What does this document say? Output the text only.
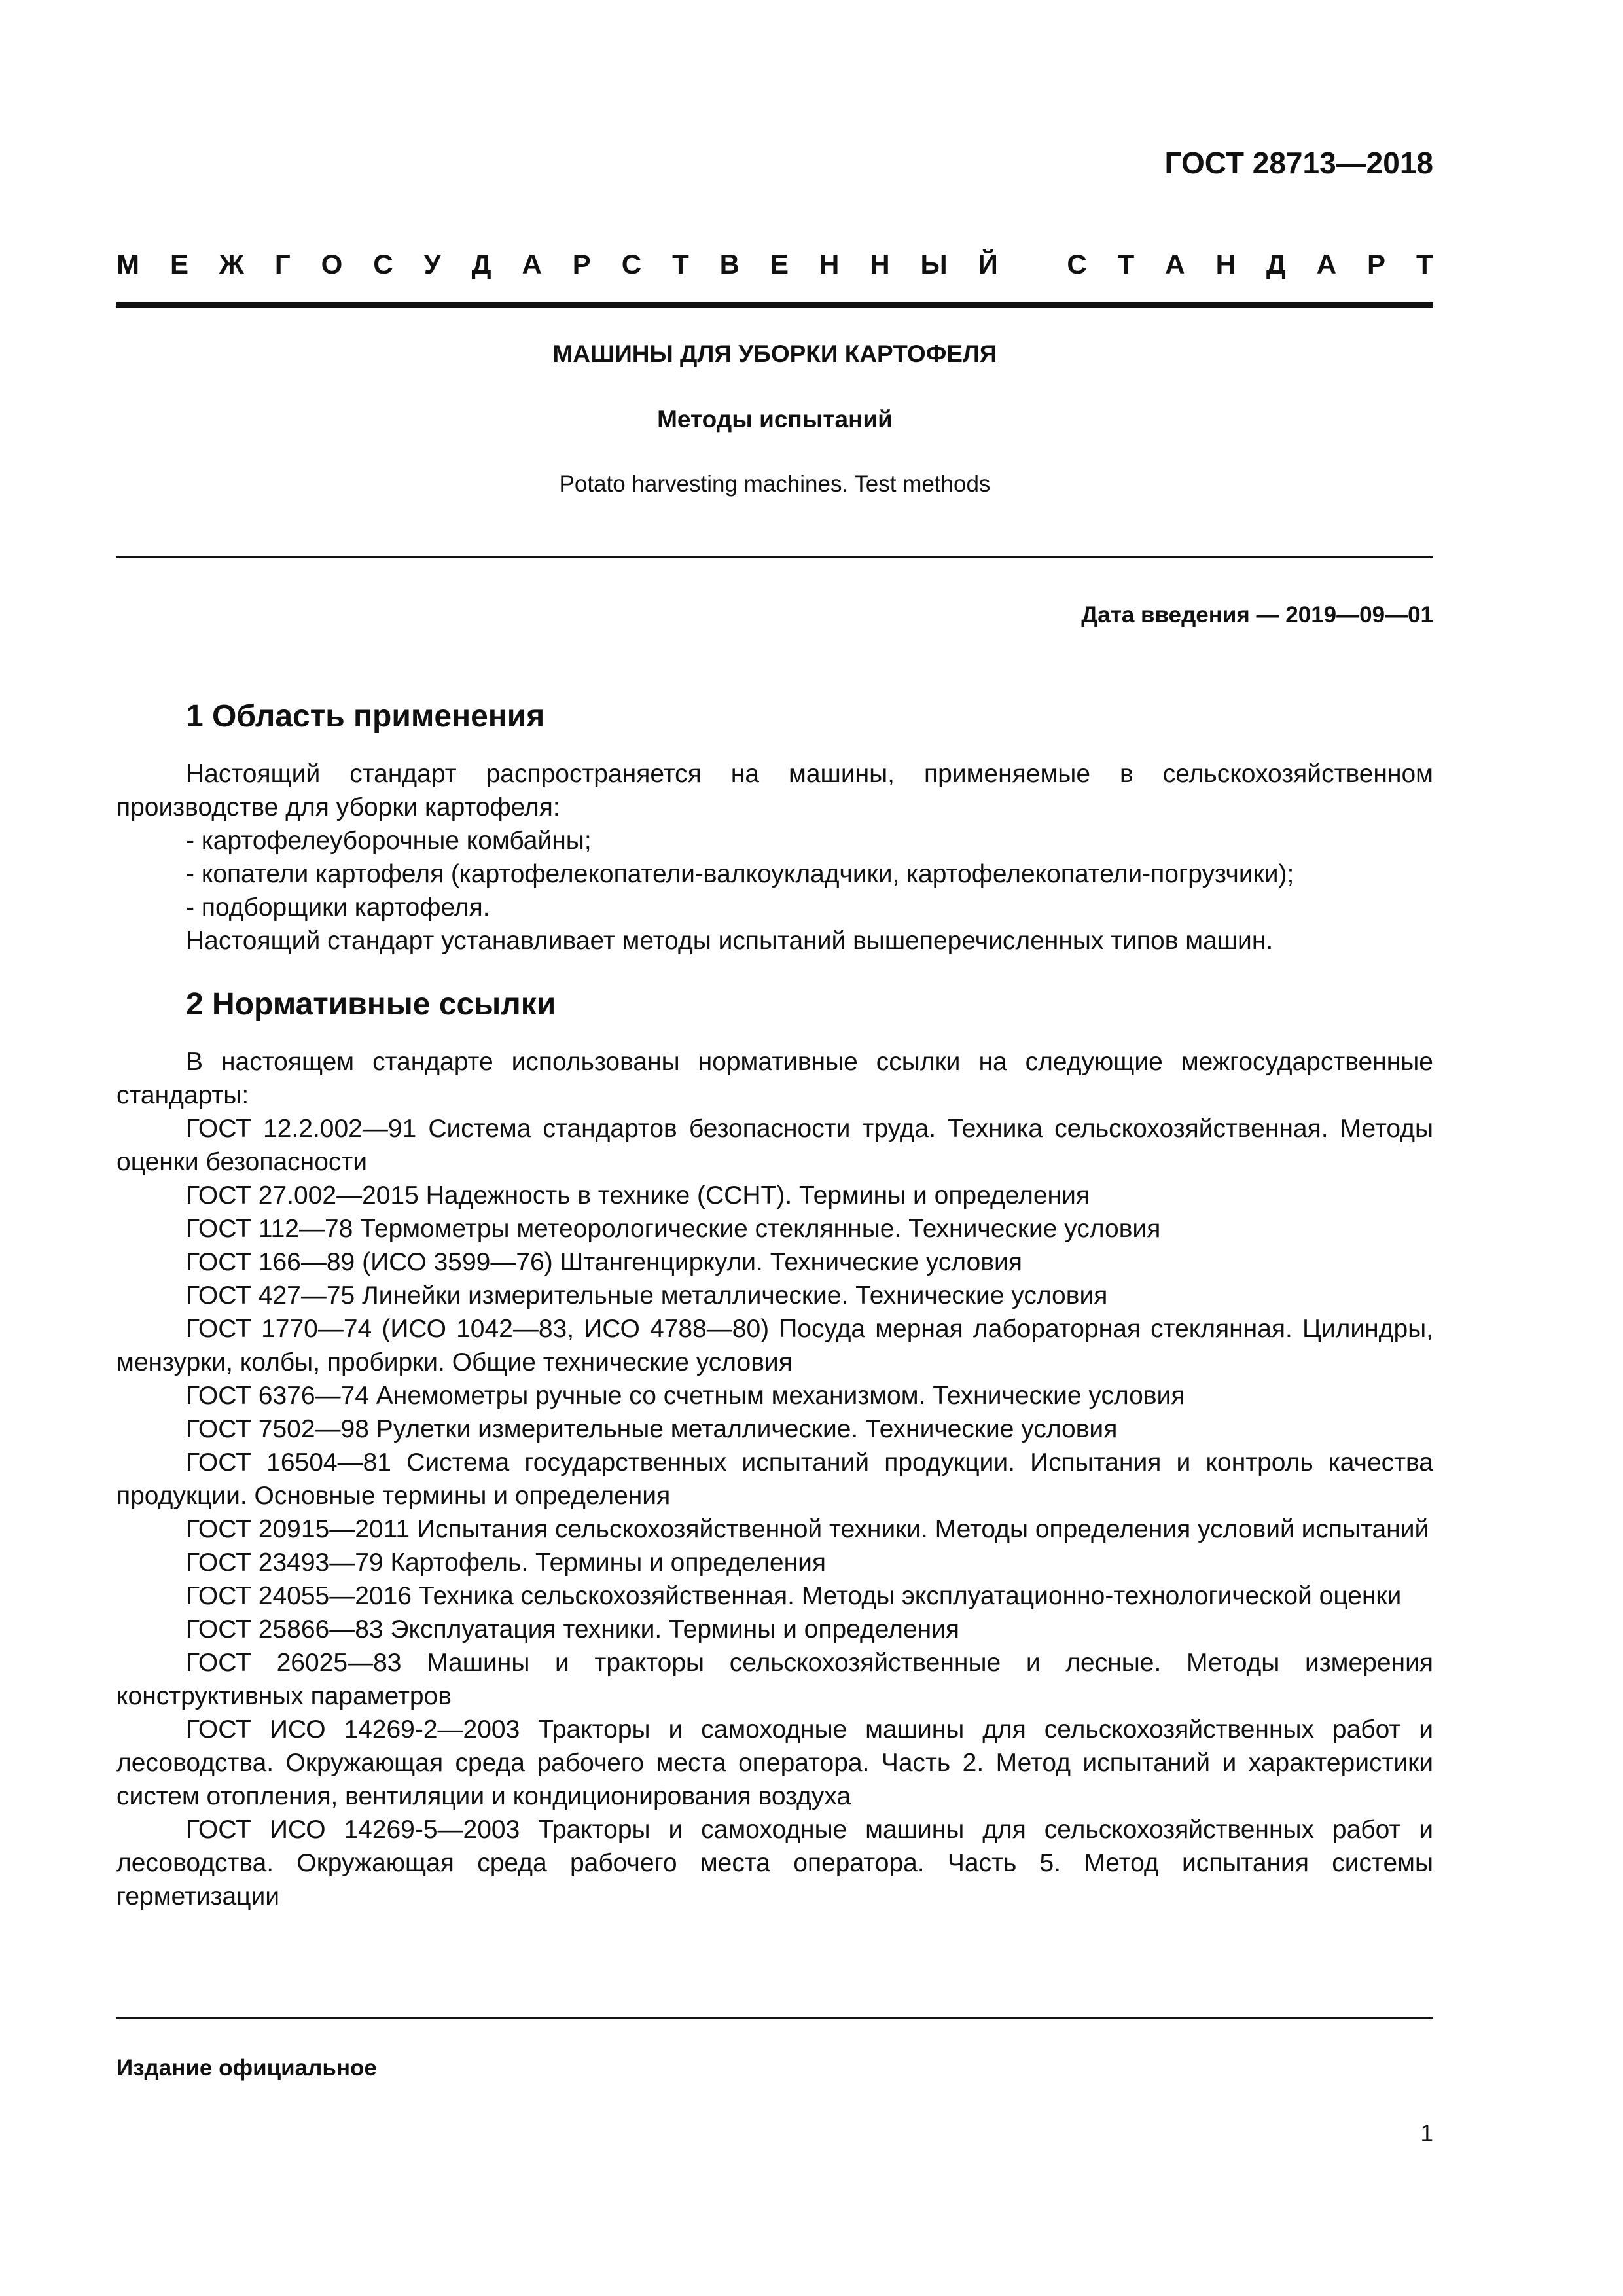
ГОСТ 28713—2018
М Е Ж Г О С У Д А Р С Т В Е Н Н Ы Й
	С Т А Н Д А Р Т
МАШИНЫ ДЛЯ УБОРКИ КАРТОФЕЛЯ
Методы испытаний
Potato harvesting machines. Test methods
Дата введения — 2019—09—01
1 Область применения

Настоящий стандарт распространяется на машины, применяемые в сельскохозяйственном производстве для уборки картофеля:

- картофелеуборочные комбайны;
- копатели картофеля (картофелекопатели-валкоукладчики, картофелекопатели-погрузчики);
- подборщики картофеля.

Настоящий стандарт устанавливает методы испытаний вышеперечисленных типов машин.

2 Нормативные ссылки

В настоящем стандарте использованы нормативные ссылки на следующие межгосударственные стандарты:

ГОСТ 12.2.002—91 Система стандартов безопасности труда. Техника сельскохозяйственная. Методы оценки безопасности

ГОСТ 27.002—2015 Надежность в технике (ССНТ). Термины и определения

ГОСТ 112—78 Термометры метеорологические стеклянные. Технические условия

ГОСТ 166—89 (ИСО 3599—76) Штангенциркули. Технические условия

ГОСТ 427—75 Линейки измерительные металлические. Технические условия

ГОСТ 1770—74 (ИСО 1042—83, ИСО 4788—80) Посуда мерная лабораторная стеклянная. Цилиндры, мензурки, колбы, пробирки. Общие технические условия

ГОСТ 6376—74 Анемометры ручные со счетным механизмом. Технические условия

ГОСТ 7502—98 Рулетки измерительные металлические. Технические условия

ГОСТ 16504—81 Система государственных испытаний продукции. Испытания и контроль качества продукции. Основные термины и определения

ГОСТ 20915—2011 Испытания сельскохозяйственной техники. Методы определения условий испытаний

ГОСТ 23493—79 Картофель. Термины и определения

ГОСТ 24055—2016 Техника сельскохозяйственная. Методы эксплуатационно-технологической оценки

ГОСТ 25866—83 Эксплуатация техники. Термины и определения

ГОСТ 26025—83 Машины и тракторы сельскохозяйственные и лесные. Методы измерения конструктивных параметров

ГОСТ ИСО 14269-2—2003 Тракторы и самоходные машины для сельскохозяйственных работ и лесоводства. Окружающая среда рабочего места оператора. Часть 2. Метод испытаний и характеристики систем отопления, вентиляции и кондиционирования воздуха

ГОСТ ИСО 14269-5—2003 Тракторы и самоходные машины для сельскохозяйственных работ и лесоводства. Окружающая среда рабочего места оператора. Часть 5. Метод испытания системы герметизации

Издание официальное
1
